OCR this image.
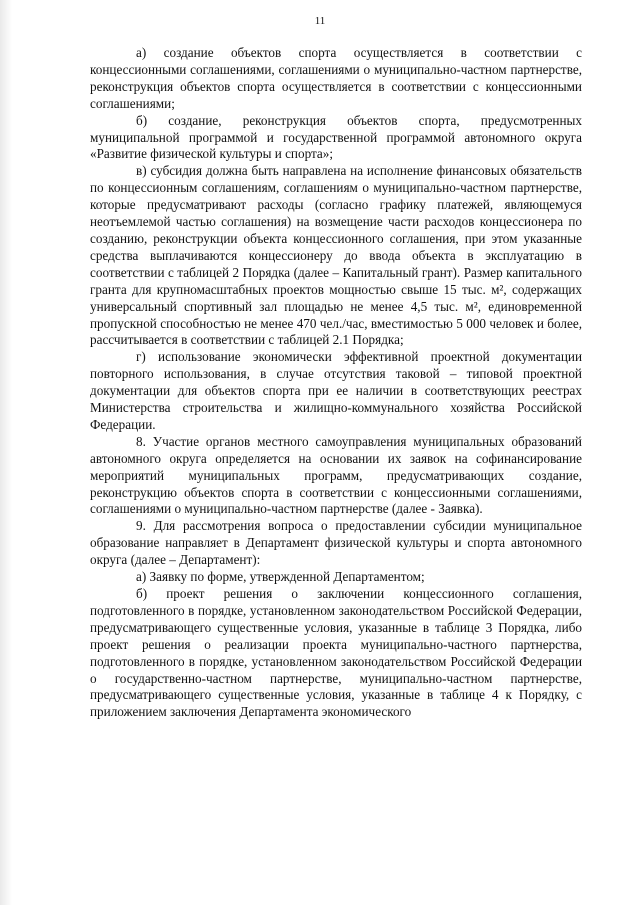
11

а) создание объектов спорта осуществляется в соответствии с концессионными соглашениями, соглашениями о муниципально-частном партнерстве, реконструкция объектов спорта осуществляется в соответствии с концессионными соглашениями;

б) создание, реконструкция объектов спорта, предусмотренных муниципальной программой и государственной программой автономного округа «Развитие физической культуры и спорта»;

в) субсидия должна быть направлена на исполнение финансовых обязательств по концессионным соглашениям, соглашениям о муниципально-частном партнерстве, которые предусматривают расходы (согласно графику платежей, являющемуся неотъемлемой частью соглашения) на возмещение части расходов концессионера по созданию, реконструкции объекта концессионного соглашения, при этом указанные средства выплачиваются концессионеру до ввода объекта в эксплуатацию в соответствии с таблицей 2 Порядка (далее – Капитальный грант). Размер капитального гранта для крупномасштабных проектов мощностью свыше 15 тыс. м², содержащих универсальный спортивный зал площадью не менее 4,5 тыс. м², единовременной пропускной способностью не менее 470 чел./час, вместимостью 5 000 человек и более, рассчитывается в соответствии с таблицей 2.1 Порядка;

г) использование экономически эффективной проектной документации повторного использования, в случае отсутствия таковой – типовой проектной документации для объектов спорта при ее наличии в соответствующих реестрах Министерства строительства и жилищно-коммунального хозяйства Российской Федерации.

8. Участие органов местного самоуправления муниципальных образований автономного округа определяется на основании их заявок на софинансирование мероприятий муниципальных программ, предусматривающих создание, реконструкцию объектов спорта в соответствии с концессионными соглашениями, соглашениями о муниципально-частном партнерстве (далее - Заявка).

9. Для рассмотрения вопроса о предоставлении субсидии муниципальное образование направляет в Департамент физической культуры и спорта автономного округа (далее – Департамент):

а) Заявку по форме, утвержденной Департаментом;

б) проект решения о заключении концессионного соглашения, подготовленного в порядке, установленном законодательством Российской Федерации, предусматривающего существенные условия, указанные в таблице 3 Порядка, либо проект решения о реализации проекта муниципально-частного партнерства, подготовленного в порядке, установленном законодательством Российской Федерации о государственно-частном партнерстве, муниципально-частном партнерстве, предусматривающего существенные условия, указанные в таблице 4 к Порядку, с приложением заключения Департамента экономического
